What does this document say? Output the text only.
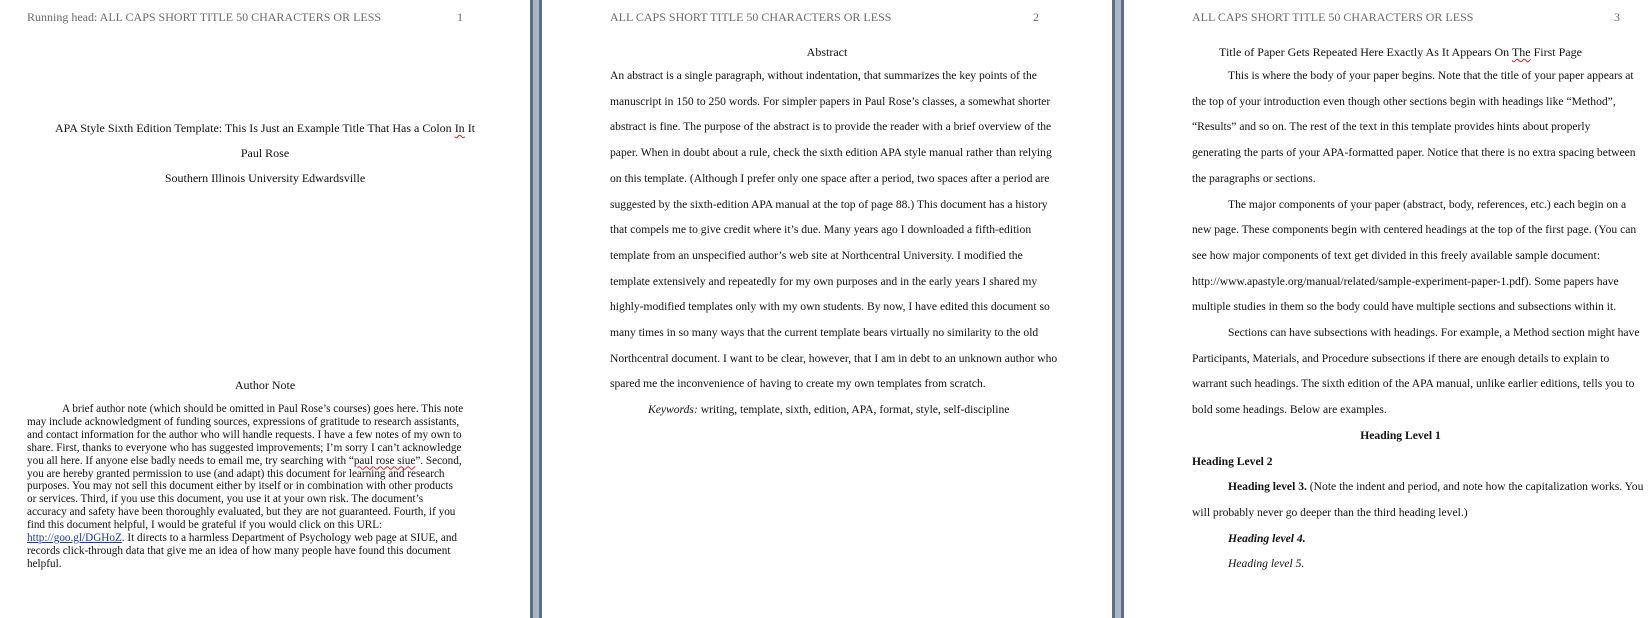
Running head: ALL CAPS SHORT TITLE 50 CHARACTERS OR LESS	1
APA Style Sixth Edition Template: This Is Just an Example Title That Has a Colon In It
Paul Rose
Southern Illinois University Edwardsville
Author Note
A brief author note (which should be omitted in Paul Rose’s courses) goes here. This note
may include acknowledgment of funding sources, expressions of gratitude to research assistants,
and contact information for the author who will handle requests. I have a few notes of my own to
share. First, thanks to everyone who has suggested improvements; I’m sorry I can’t acknowledge
you all here. If anyone else badly needs to email me, try searching with “paul rose siue”. Second,
you are hereby granted permission to use (and adapt) this document for learning and research
purposes. You may not sell this document either by itself or in combination with other products
or services. Third, if you use this document, you use it at your own risk. The document’s
accuracy and safety have been thoroughly evaluated, but they are not guaranteed. Fourth, if you
find this document helpful, I would be grateful if you would click on this URL:
http://goo.gl/DGHoZ. It directs to a harmless Department of Psychology web page at SIUE, and
records click-through data that give me an idea of how many people have found this document
helpful.
ALL CAPS SHORT TITLE 50 CHARACTERS OR LESS	2
Abstract
An abstract is a single paragraph, without indentation, that summarizes the key points of the
manuscript in 150 to 250 words. For simpler papers in Paul Rose’s classes, a somewhat shorter
abstract is fine. The purpose of the abstract is to provide the reader with a brief overview of the
paper. When in doubt about a rule, check the sixth edition APA style manual rather than relying
on this template. (Although I prefer only one space after a period, two spaces after a period are
suggested by the sixth-edition APA manual at the top of page 88.) This document has a history
that compels me to give credit where it’s due. Many years ago I downloaded a fifth-edition
template from an unspecified author’s web site at Northcentral University. I modified the
template extensively and repeatedly for my own purposes and in the early years I shared my
highly-modified templates only with my own students. By now, I have edited this document so
many times in so many ways that the current template bears virtually no similarity to the old
Northcentral document. I want to be clear, however, that I am in debt to an unknown author who
spared me the inconvenience of having to create my own templates from scratch.
Keywords: writing, template, sixth, edition, APA, format, style, self-discipline
ALL CAPS SHORT TITLE 50 CHARACTERS OR LESS	3
Title of Paper Gets Repeated Here Exactly As It Appears On The First Page
This is where the body of your paper begins. Note that the title of your paper appears at
the top of your introduction even though other sections begin with headings like “Method”,
“Results” and so on. The rest of the text in this template provides hints about properly
generating the parts of your APA-formatted paper. Notice that there is no extra spacing between
the paragraphs or sections.
The major components of your paper (abstract, body, references, etc.) each begin on a
new page. These components begin with centered headings at the top of the first page. (You can
see how major components of text get divided in this freely available sample document:
http://www.apastyle.org/manual/related/sample-experiment-paper-1.pdf). Some papers have
multiple studies in them so the body could have multiple sections and subsections within it.
Sections can have subsections with headings. For example, a Method section might have
Participants, Materials, and Procedure subsections if there are enough details to explain to
warrant such headings. The sixth edition of the APA manual, unlike earlier editions, tells you to
bold some headings. Below are examples.
Heading Level 1
Heading Level 2
Heading level 3. (Note the indent and period, and note how the capitalization works. You
will probably never go deeper than the third heading level.)
Heading level 4.
Heading level 5.
